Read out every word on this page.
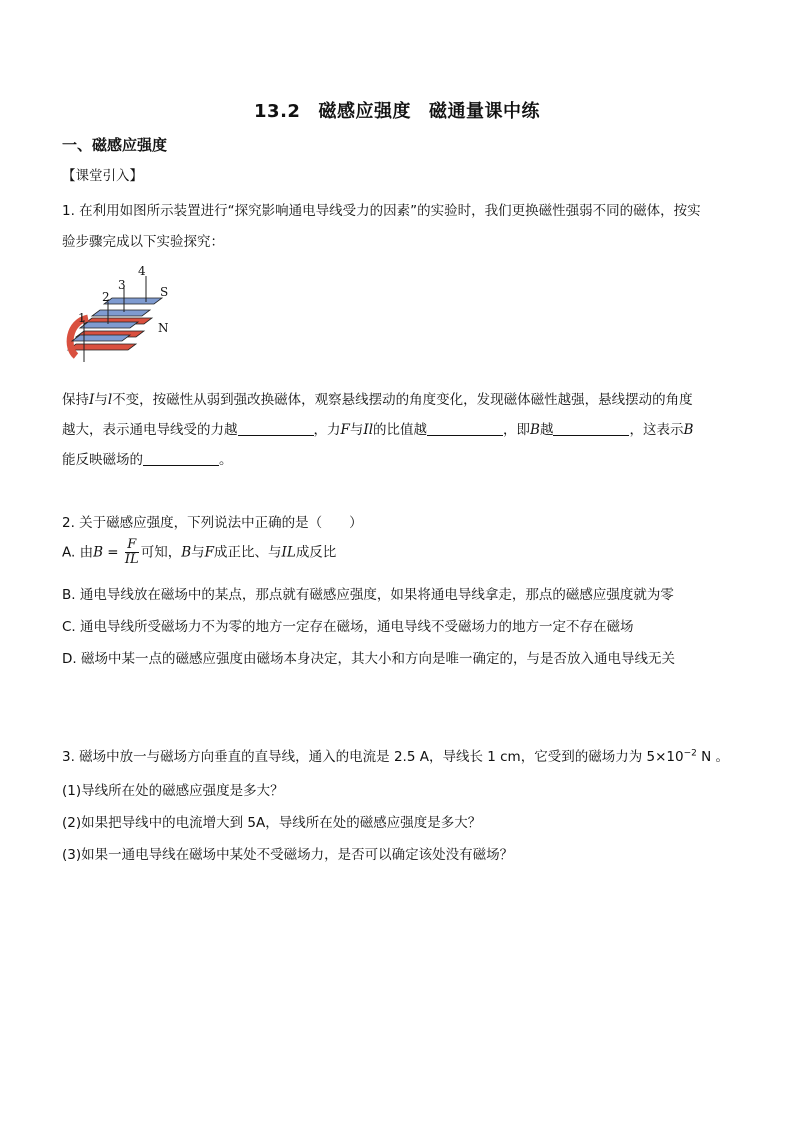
13.2 磁感应强度 磁通量课中练
一、磁感应强度
【课堂引入】
1. 在利用如图所示装置进行“探究影响通电导线受力的因素”的实验时，我们更换磁性强弱不同的磁体，按实
验步骤完成以下实验探究：
1
2
3
4
S
N
保持I与l不变，按磁性从弱到强改换磁体，观察悬线摆动的角度变化，发现磁体磁性越强，悬线摆动的角度
越大，表示通电导线受的力越	，力F与Il的比值越	，即B越	，这表示B
能反映磁场的	。
2. 关于磁感应强度，下列说法中正确的是（　　）
A. 由$B = \frac{F}{IL}$ 可知，B与F成正比、与IL成反比
B. 通电导线放在磁场中的某点，那点就有磁感应强度，如果将通电导线拿走，那点的磁感应强度就为零
C. 通电导线所受磁场力不为零的地方一定存在磁场，通电导线不受磁场力的地方一定不存在磁场
D. 磁场中某一点的磁感应强度由磁场本身决定，其大小和方向是唯一确定的，与是否放入通电导线无关
3. 磁场中放一与磁场方向垂直的直导线，通入的电流是 2.5 A，导线长 1 cm，它受到的磁场力为 $5\times 10^{-2}$ N 。
(1)导线所在处的磁感应强度是多大？
(2)如果把导线中的电流增大到 5A，导线所在处的磁感应强度是多大？
(3)如果一通电导线在磁场中某处不受磁场力，是否可以确定该处没有磁场？
